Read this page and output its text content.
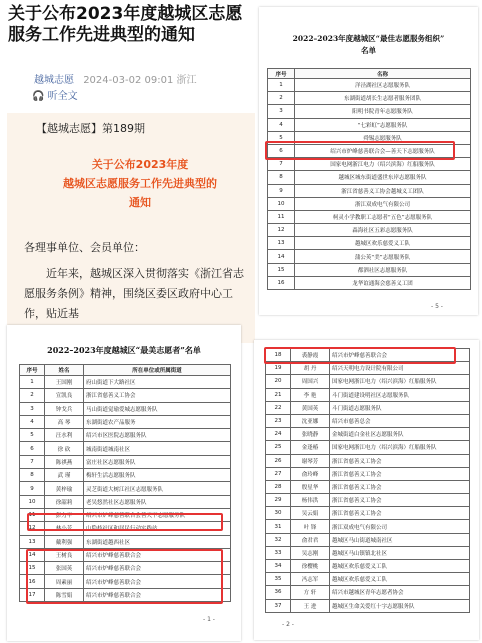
关于公布2023年度越城区志愿服务工作先进典型的通知
越城志愿 2024-03-02 09:01 浙江
🎧 听全文
【越城志愿】第189期
关于公布2023年度
越城区志愿服务工作先进典型的
通知

各理事单位、会员单位：

近年来，越城区深入贯彻落实《浙江省志愿服务条例》精神，围绕区委区政府中心工作，贴近基

2022–2023年度越城区“最佳志愿服务组织”
名单
序号	名称
1	洋泾湖社区志愿服务队
2	东湖街道胡长生志愿者服务团队
3	阳明书院青年志愿服务队
4	“七彩虹”志愿服务队
5	舜锡志愿服务队
6	绍兴市炉峰慈善联合会—善天下志愿服务队
7	国家电网浙江电力（绍兴滨海）红船服务队
8	越城区城东街道盛世东岸志愿服务队
9	浙江省慈善义工协会越城义工团队
10	浙江双成电气有限公司
11	柯灵小学教职工志愿者“五色”志愿服务队
12	森海社区五彩志愿服务队
13	越城区欢乐慈爱义工队
14	蒲公英“美”志愿服务队
15	都泗社区志愿服务队
16	龙华谊通海会慈善义工团
- 5 -
2022–2023年度越城区“最美志愿者”名单
序号	姓名	所在单位或所属街道
1	王国刚	府山街道下大路社区
2	宣凯良	浙江省慈善义工协会
3	钟戈兵	马山街道觉瑜爱城志愿服务队
4	高 琴	东湖街道农产品服务
5	汪水利	绍兴市区医院志愿服务队
6	徐 砍	城南街道城南社区
7	陈祺燕	富庄社区志愿服务队
8	武 瑾	梅轩生活志愿服务队
9	黄梓瑜	灵芝街道大树江社区志愿服务队
10	徐韶莉	老吴悠然社区志愿服务队
11	彭力平	绍兴市炉峰慈善联合会善天下志愿服务队
12	林小芳	山隐枝社区和居民行动实践站
13	戴利强	东湖街道越西社区
14	王树良	绍兴市炉峰慈善联合会
15	张国英	绍兴市炉峰慈善联合会
16	周素丽	绍兴市炉峰慈善联合会
17	陈雪娟	绍兴市炉峰慈善联合会
- 1 -
18	裘静霞	绍兴市炉峰慈善联合会
19	胡 丹	绍兴天明电力设计院有限公司
20	周国兴	国家电网浙江电力（绍兴滨海）红船服务队
21	李 艳	斗门街道建设明社区志愿服务队
22	黄国英	斗门街道志愿服务队
23	沈亚娜	绍兴市慈善总会
24	张晓静	金城街道白金社区志愿服务队
25	金逢椿	国家电网浙江电力（绍兴滨海）红船服务队
26	谢琴芳	浙江省慈善义工协会
27	俞玲峰	浙江省慈善义工协会
28	殷星华	浙江省慈善义工协会
29	杨伟洪	浙江省慈善义工协会
30	吴云娟	浙江省慈善义工协会
31	叶 锋	浙江双成电气有限公司
32	俞君君	越城区马山街道城南社区
33	吴志刚	越城区马山镇镇北社区
34	徐樱桃	越城区欢乐慈爱义工队
35	冯志军	越城区欢乐慈爱义工队
36	方 轩	绍兴市越城区青年志愿者协会
37	王 进	越城区生命关爱红十字志愿服务队
- 2 -
